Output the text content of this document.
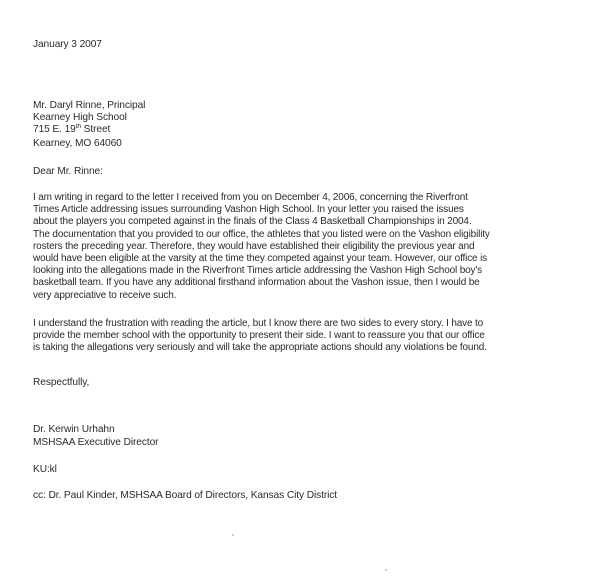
January 3 2007
Mr. Daryl Rinne, Principal
Kearney High School
715 E. 19th Street
Kearney, MO 64060
Dear Mr. Rinne:
I am writing in regard to the letter I received from you on December 4, 2006, concerning the Riverfront
Times Article addressing issues surrounding Vashon High School. In your letter you raised the issues
about the players you competed against in the finals of the Class 4 Basketball Championships in 2004.
The documentation that you provided to our office, the athletes that you listed were on the Vashon eligibility
rosters the preceding year. Therefore, they would have established their eligibility the previous year and
would have been eligible at the varsity at the time they competed against your team. However, our office is
looking into the allegations made in the Riverfront Times article addressing the Vashon High School boy's
basketball team. If you have any additional firsthand information about the Vashon issue, then I would be
very appreciative to receive such.
I understand the frustration with reading the article, but I know there are two sides to every story. I have to
provide the member school with the opportunity to present their side. I want to reassure you that our office
is taking the allegations very seriously and will take the appropriate actions should any violations be found.
Respectfully,
Dr. Kerwin Urhahn
MSHSAA Executive Director
KU:kl
cc: Dr. Paul Kinder, MSHSAA Board of Directors, Kansas City District
